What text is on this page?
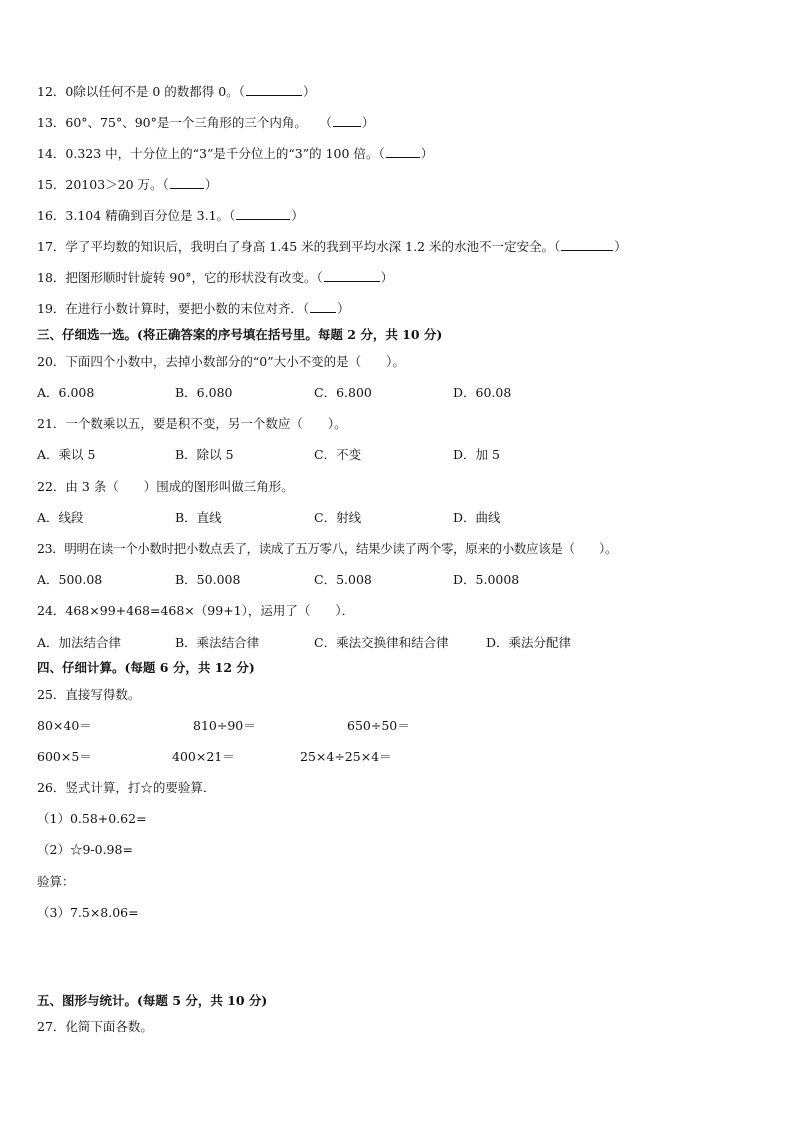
12．0除以任何不是 0 的数都得 0。（	）
13．60°、75°、90°是一个三角形的三个内角。　　（ ）
14．0.323 中，十分位上的“3”是千分位上的“3”的 100 倍。（	）
15．20103＞20 万。（	）
16．3.104 精确到百分位是 3.1。（	）
17．学了平均数的知识后，我明白了身高 1.45 米的我到平均水深 1.2 米的水池不一定安全。（	）
18．把图形顺时针旋转 90°，它的形状没有改变。（	）
19．在进行小数计算时，要把小数的末位对齐．（ ）
三、仔细选一选。(将正确答案的序号填在括号里。每题 2 分，共 10 分)
20．下面四个小数中，去掉小数部分的“0”大小不变的是（　　）。
A．6.008	B．6.080	C．6.800	D．60.08
21．一个数乘以五，要是积不变，另一个数应（　　）。
A．乘以 5	B．除以 5	C．不变	D．加 5
22．由 3 条（　　）围成的图形叫做三角形。
A．线段	B．直线	C．射线	D．曲线
23．明明在读一个小数时把小数点丢了，读成了五万零八，结果少读了两个零，原来的小数应该是（　　）。
A．500.08	B．50.008	C．5.008	D．5.0008
24．468×99+468=468×（99+1），运用了（　　）．
A．加法结合律	B．乘法结合律	C．乘法交换律和结合律	D．乘法分配律
四、仔细计算。(每题 6 分，共 12 分)
25．直接写得数。
80×40＝	810÷90＝	650÷50＝
600×5＝	400×21＝	25×4÷25×4＝
26．竖式计算，打☆的要验算．
（1）0.58+0.62=
（2）☆9-0.98=
验算：
（3）7.5×8.06=
五、图形与统计。(每题 5 分，共 10 分)
27．化简下面各数。
